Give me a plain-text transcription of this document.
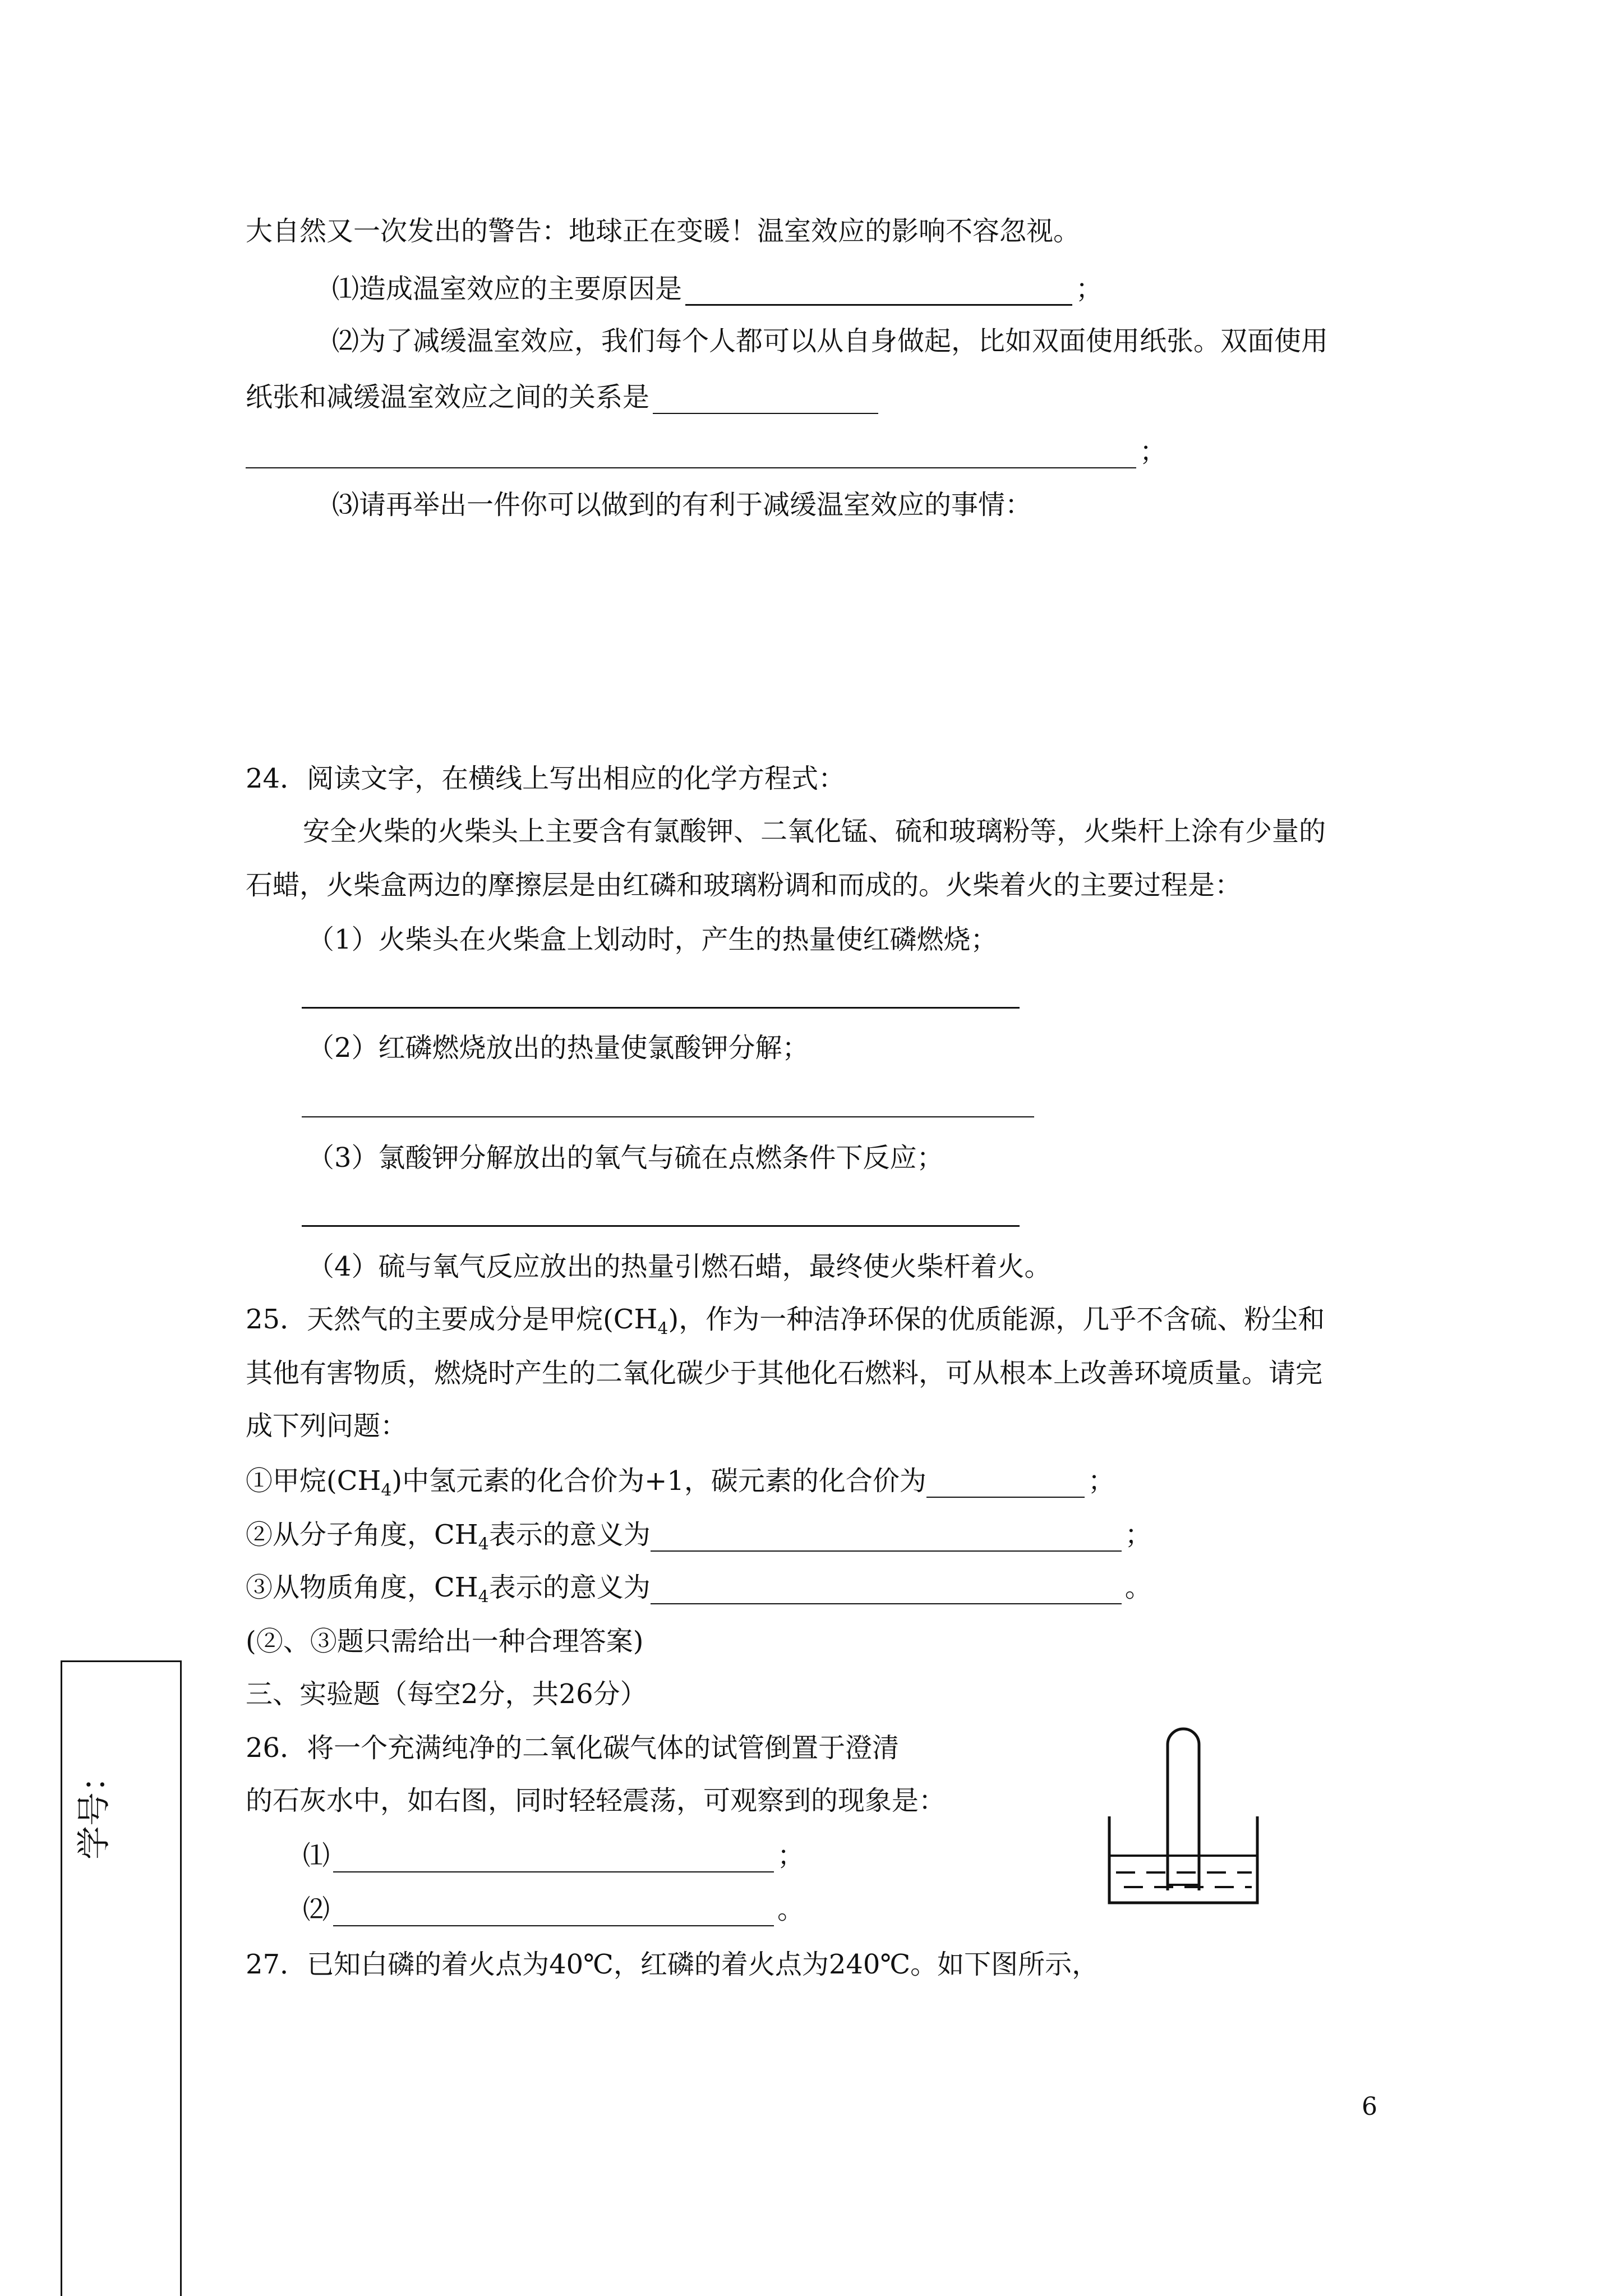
大自然又一次发出的警告：地球正在变暖！温室效应的影响不容忽视。

⑴造成温室效应的主要原因是	；

⑵为了减缓温室效应，我们每个人都可以从自身做起，比如双面使用纸张。双面使用

纸张和减缓温室效应之间的关系是

；

⑶请再举出一件你可以做到的有利于减缓温室效应的事情：

24．阅读文字，在横线上写出相应的化学方程式：

安全火柴的火柴头上主要含有氯酸钾、二氧化锰、硫和玻璃粉等，火柴杆上涂有少量的

石蜡，火柴盒两边的摩擦层是由红磷和玻璃粉调和而成的。火柴着火的主要过程是：

（1）火柴头在火柴盒上划动时，产生的热量使红磷燃烧；

（2）红磷燃烧放出的热量使氯酸钾分解；

（3）氯酸钾分解放出的氧气与硫在点燃条件下反应；

（4）硫与氧气反应放出的热量引燃石蜡，最终使火柴杆着火。

25．天然气的主要成分是甲烷$(CH_4)$，作为一种洁净环保的优质能源，几乎不含硫、粉尘和

其他有害物质，燃烧时产生的二氧化碳少于其他化石燃料，可从根本上改善环境质量。请完

成下列问题：

①甲烷$(CH_4)$中氢元素的化合价为+1，碳元素的化合价为	；

②从分子角度，$CH_4$表示的意义为	；

③从物质角度，$CH_4$表示的意义为	。

(②、③题只需给出一种合理答案)

三、实验题（每空2分，共26分）

26．将一个充满纯净的二氧化碳气体的试管倒置于澄清

的石灰水中，如右图，同时轻轻震荡，可观察到的现象是：

⑴	；

⑵	。

27．已知白磷的着火点为40℃，红磷的着火点为240℃。如下图所示，

6

学号：
